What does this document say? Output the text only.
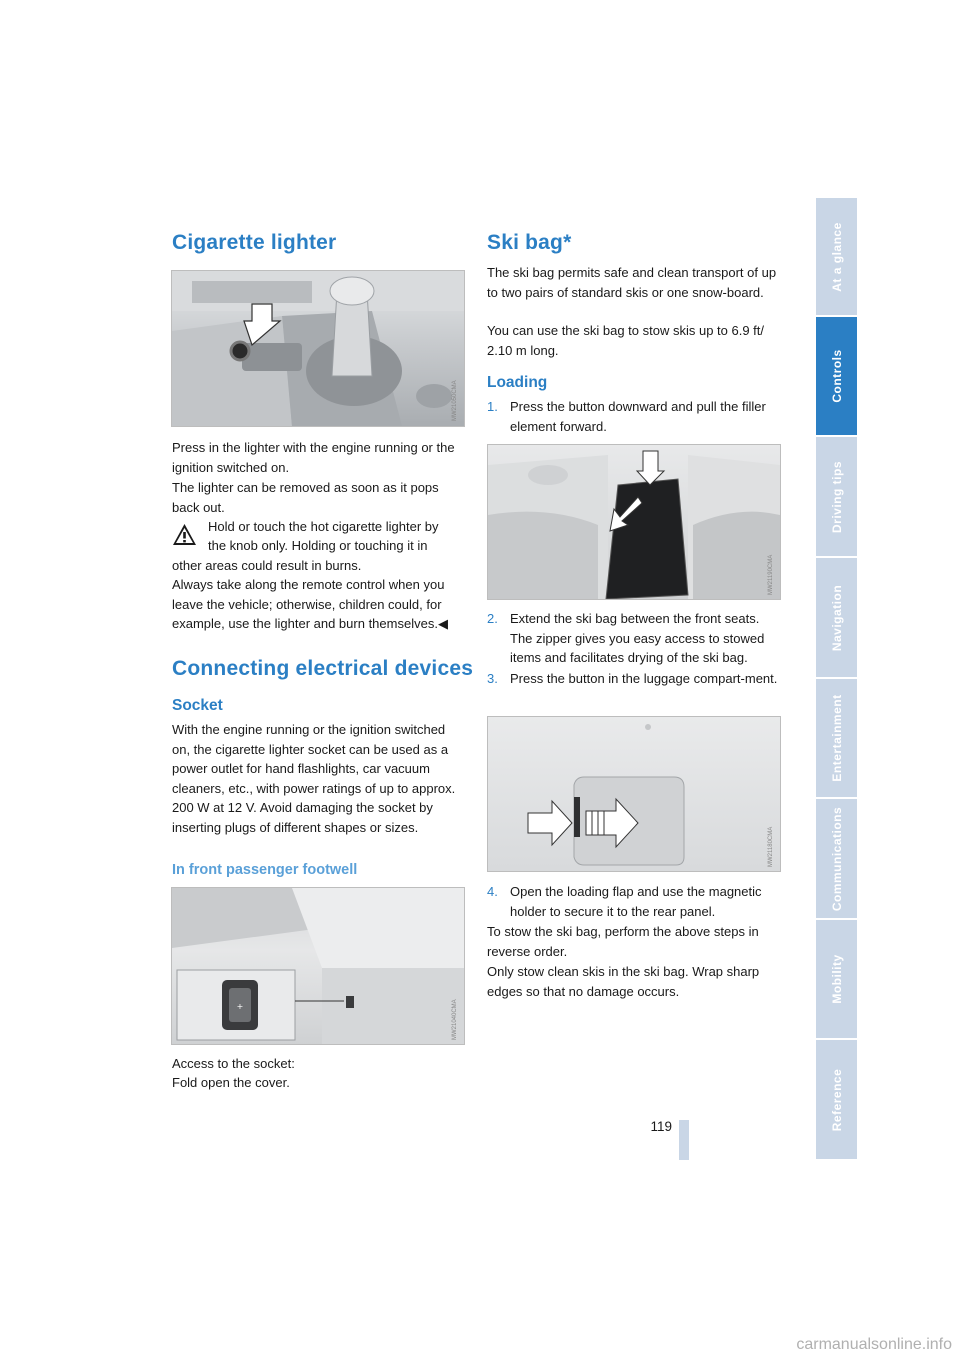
Cigarette lighter
MW21050CMA

Press in the lighter with the engine running or the ignition switched on.

The lighter can be removed as soon as it pops back out.

Hold or touch the hot cigarette lighter by

the knob only. Holding or touching it in

other areas could result in burns.

Always take along the remote control when you leave the vehicle; otherwise, children could, for example, use the lighter and burn themselves.◀

Connecting electrical devices
Socket

With the engine running or the ignition switched on, the cigarette lighter socket can be used as a power outlet for hand flashlights, car vacuum cleaners, etc., with power ratings of up to approx. 200 W at 12 V. Avoid damaging the socket by inserting plugs of different shapes or sizes.

In front passenger footwell
+	MW21040CMA

Access to the socket:

Fold open the cover.

Ski bag*

The ski bag permits safe and clean transport of up to two pairs of standard skis or one snow-board.

You can use the ski bag to stow skis up to 6.9 ft/ 2.10 m long.

Loading
1. Press the button downward and pull the filler element forward.
MW21190CMA
2. Extend the ski bag between the front seats. The zipper gives you easy access to stowed items and facilitates drying of the ski bag.
3. Press the button in the luggage compart-ment.
MW21180CMA
4. Open the loading flap and use the magnetic holder to secure it to the rear panel.

To stow the ski bag, perform the above steps in reverse order.

Only stow clean skis in the ski bag. Wrap sharp edges so that no damage occurs.

119
At a glance
Controls
Driving tips
Navigation
Entertainment
Communications
Mobility
Reference
carmanualsonline.info
